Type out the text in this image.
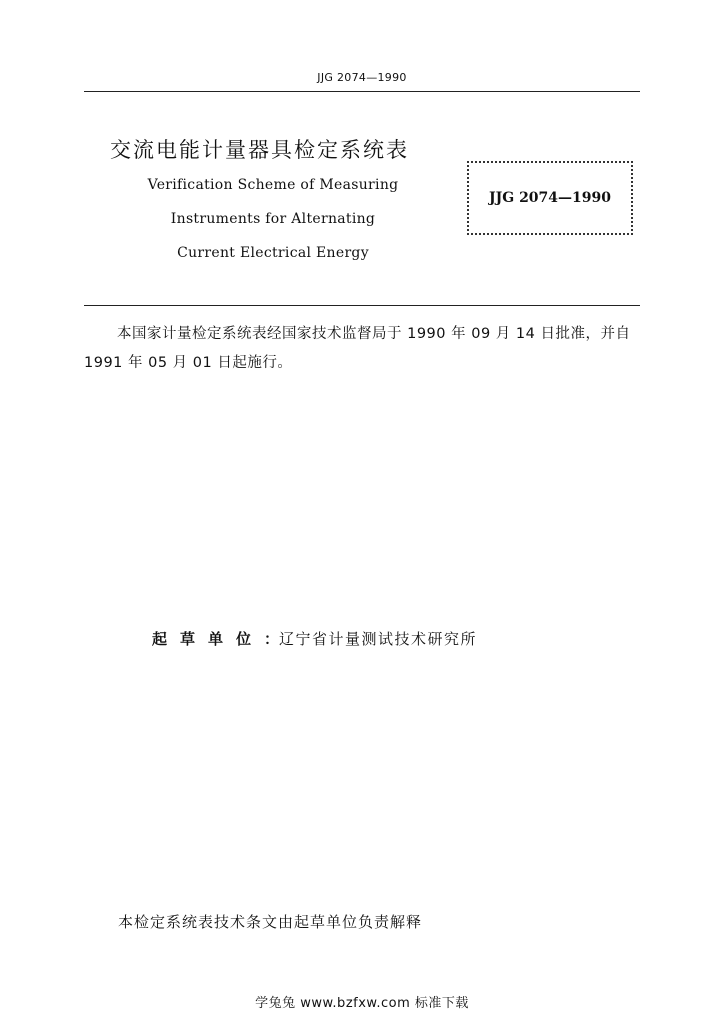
JJG 2074—1990
交流电能计量器具检定系统表
Verification Scheme of Measuring
Instruments for Alternating
Current Electrical Energy
JJG 2074—1990
本国家计量检定系统表经国家技术监督局于 1990 年 09 月 14 日批准，并自 1991 年 05 月 01 日起施行。
起草单位：辽宁省计量测试技术研究所
本检定系统表技术条文由起草单位负责解释
学兔兔 www.bzfxw.com 标准下载
